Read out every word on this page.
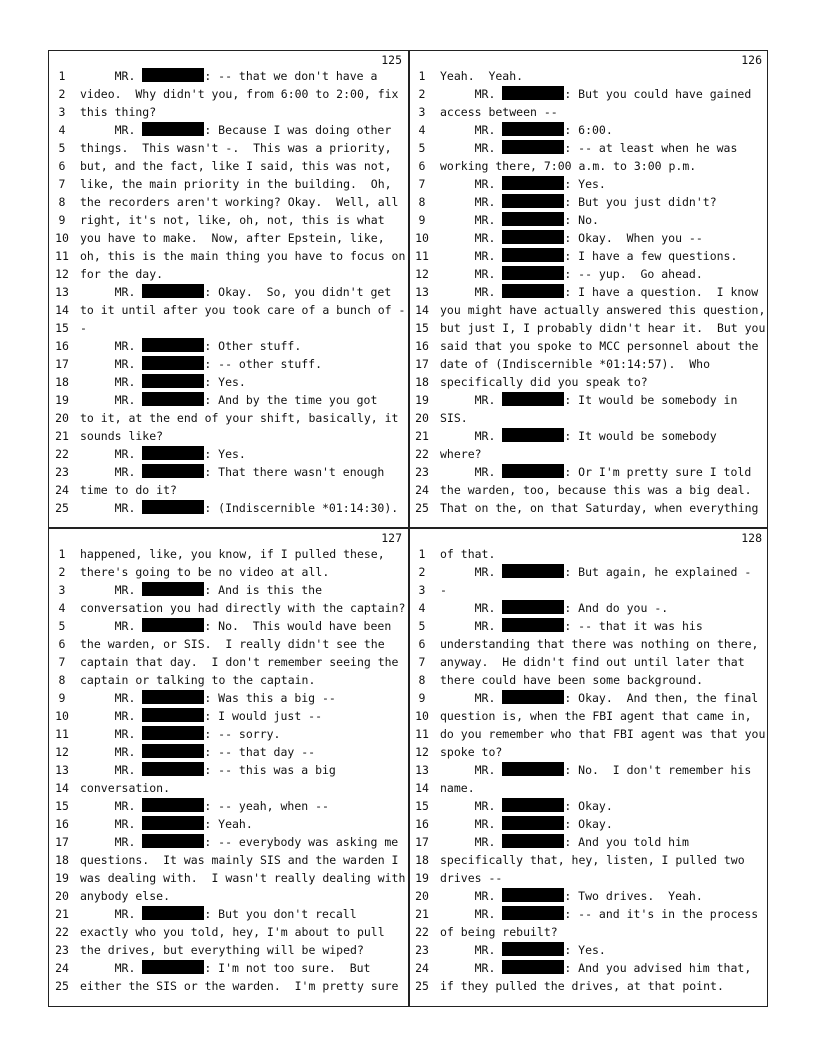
125
1	MR.	: -- that we don't have a
2	video.  Why didn't you, from 6:00 to 2:00, fix
3	this thing?
4	MR.	: Because I was doing other
5	things.  This wasn't -.  This was a priority,
6	but, and the fact, like I said, this was not,
7	like, the main priority in the building.  Oh,
8	the recorders aren't working? Okay.  Well, all
9	right, it's not, like, oh, not, this is what
10 you have to make.  Now, after Epstein, like,
11 oh, this is the main thing you have to focus on
12 for the day.
13 MR.	: Okay.  So, you didn't get
14 to it until after you took care of a bunch of -
15 -
16 MR.	: Other stuff.
17 MR.	: -- other stuff.
18 MR.	: Yes.
19 MR.	: And by the time you got
20 to it, at the end of your shift, basically, it
21 sounds like?
22 MR.	: Yes.
23 MR.	: That there wasn't enough
24 time to do it?
25 MR.	: (Indiscernible *01:14:30).
126
1	Yeah.  Yeah.
2	MR.	: But you could have gained
3	access between --
4	MR.	: 6:00.
5	MR.	: -- at least when he was
6	working there, 7:00 a.m. to 3:00 p.m.
7	MR.	: Yes.
8	MR.	: But you just didn't?
9	MR.	: No.
10 MR.	: Okay.  When you --
11 MR.	: I have a few questions.
12 MR.	: -- yup.  Go ahead.
13 MR.	: I have a question.  I know
14 you might have actually answered this question,
15 but just I, I probably didn't hear it.  But you
16 said that you spoke to MCC personnel about the
17 date of (Indiscernible *01:14:57).  Who
18 specifically did you speak to?
19 MR.	: It would be somebody in
20 SIS.
21 MR.	: It would be somebody
22 where?
23 MR.	: Or I'm pretty sure I told
24 the warden, too, because this was a big deal.
25 That on the, on that Saturday, when everything
127
1	happened, like, you know, if I pulled these,
2	there's going to be no video at all.
3	MR.	: And is this the
4	conversation you had directly with the captain?
5	MR.	: No.  This would have been
6	the warden, or SIS.  I really didn't see the
7	captain that day.  I don't remember seeing the
8	captain or talking to the captain.
9	MR.	: Was this a big --
10 MR.	: I would just --
11 MR.	: -- sorry.
12 MR.	: -- that day --
13 MR.	: -- this was a big
14 conversation.
15 MR.	: -- yeah, when --
16 MR.	: Yeah.
17 MR.	: -- everybody was asking me
18 questions.  It was mainly SIS and the warden I
19 was dealing with.  I wasn't really dealing with
20 anybody else.
21 MR.	: But you don't recall
22 exactly who you told, hey, I'm about to pull
23 the drives, but everything will be wiped?
24 MR.	: I'm not too sure.  But
25 either the SIS or the warden.  I'm pretty sure
128
1	of that.
2	MR.	: But again, he explained -
3	-
4	MR.	: And do you -.
5	MR.	: -- that it was his
6	understanding that there was nothing on there,
7	anyway.  He didn't find out until later that
8	there could have been some background.
9	MR.	: Okay.  And then, the final
10 question is, when the FBI agent that came in,
11 do you remember who that FBI agent was that you
12 spoke to?
13 MR.	: No.  I don't remember his
14 name.
15 MR.	: Okay.
16 MR.	: Okay.
17 MR.	: And you told him
18 specifically that, hey, listen, I pulled two
19 drives --
20 MR.	: Two drives.  Yeah.
21 MR.	: -- and it's in the process
22 of being rebuilt?
23 MR.	: Yes.
24 MR.	: And you advised him that,
25 if they pulled the drives, at that point.
